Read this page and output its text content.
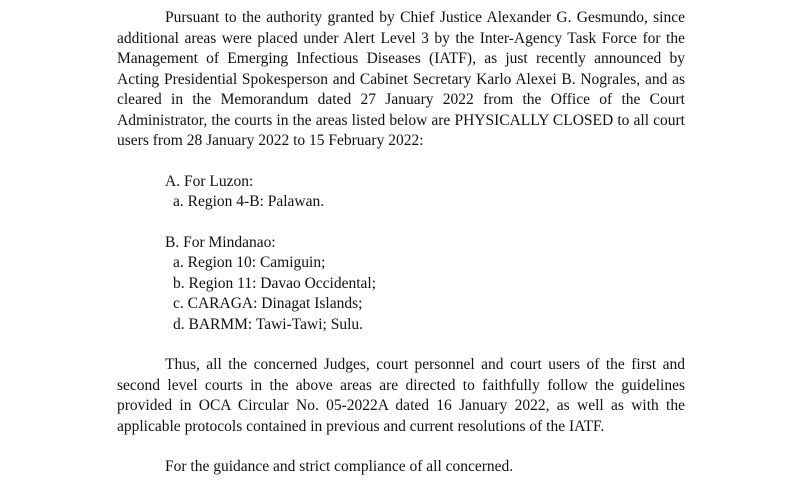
Pursuant to the authority granted by Chief Justice Alexander G. Gesmundo, since additional areas were placed under Alert Level 3 by the Inter-Agency Task Force for the Management of Emerging Infectious Diseases (IATF), as just recently announced by Acting Presidential Spokesperson and Cabinet Secretary Karlo Alexei B. Nograles, and as cleared in the Memorandum dated 27 January 2022 from the Office of the Court Administrator, the courts in the areas listed below are PHYSICALLY CLOSED to all court users from 28 January 2022 to 15 February 2022:

A. For Luzon:

a. Region 4-B: Palawan.

B. For Mindanao:

a. Region 10: Camiguin;
b. Region 11: Davao Occidental;
c. CARAGA: Dinagat Islands;
d. BARMM: Tawi-Tawi; Sulu.

Thus, all the concerned Judges, court personnel and court users of the first and second level courts in the above areas are directed to faithfully follow the guidelines provided in OCA Circular No. 05-2022A dated 16 January 2022, as well as with the applicable protocols contained in previous and current resolutions of the IATF.

For the guidance and strict compliance of all concerned.
